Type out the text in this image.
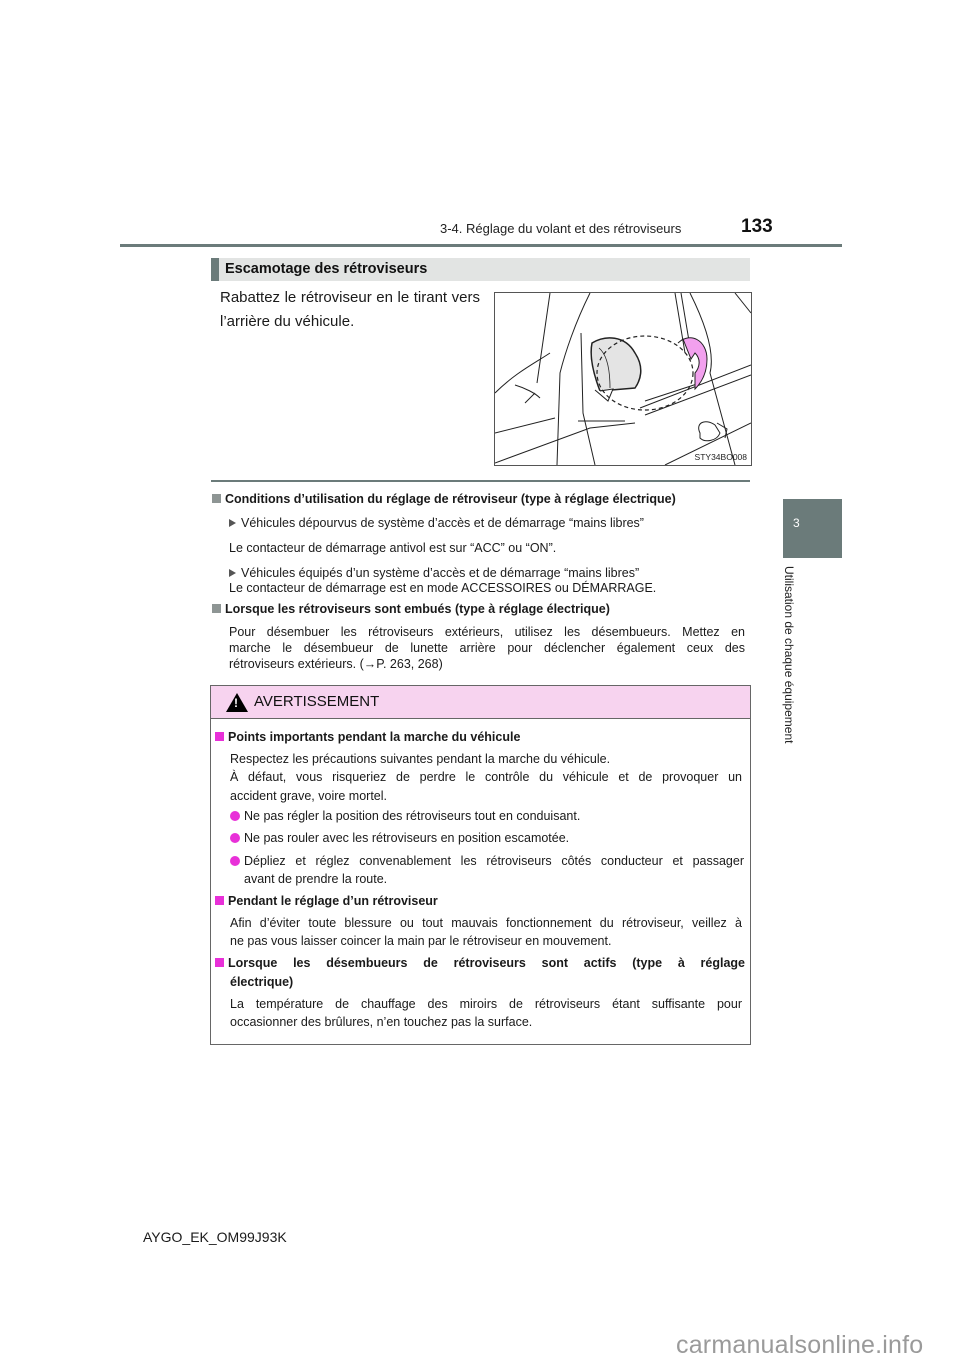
3-4. Réglage du volant et des rétroviseurs	133
3
Utilisation de chaque équipement
Escamotage des rétroviseurs
Rabattez le rétroviseur en le tirant vers l’arrière du véhicule.
STY34BO008
Conditions d’utilisation du réglage de rétroviseur (type à réglage électrique)
Véhicules dépourvus de système d’accès et de démarrage “mains libres”
Le contacteur de démarrage antivol est sur “ACC” ou “ON”.
Véhicules équipés d’un système d’accès et de démarrage “mains libres”
Le contacteur de démarrage est en mode ACCESSOIRES ou DÉMARRAGE.
Lorsque les rétroviseurs sont embués (type à réglage électrique)
Pour désembuer les rétroviseurs extérieurs, utilisez les désembueurs. Mettez en
marche le désembueur de lunette arrière pour déclencher également ceux des
rétroviseurs extérieurs. (→P. 263, 268)
!
AVERTISSEMENT
Points importants pendant la marche du véhicule
Respectez les précautions suivantes pendant la marche du véhicule.
À défaut, vous risqueriez de perdre le contrôle du véhicule et de provoquer un
accident grave, voire mortel.
Ne pas régler la position des rétroviseurs tout en conduisant.
Ne pas rouler avec les rétroviseurs en position escamotée.
Dépliez et réglez convenablement les rétroviseurs côtés conducteur et passager
avant de prendre la route.
Pendant le réglage d’un rétroviseur
Afin d’éviter toute blessure ou tout mauvais fonctionnement du rétroviseur, veillez à
ne pas vous laisser coincer la main par le rétroviseur en mouvement.
Lorsque les désembueurs de rétroviseurs sont actifs (type à réglage
électrique)
La température de chauffage des miroirs de rétroviseurs étant suffisante pour
occasionner des brûlures, n’en touchez pas la surface.
AYGO_EK_OM99J93K
carmanualsonline.info
